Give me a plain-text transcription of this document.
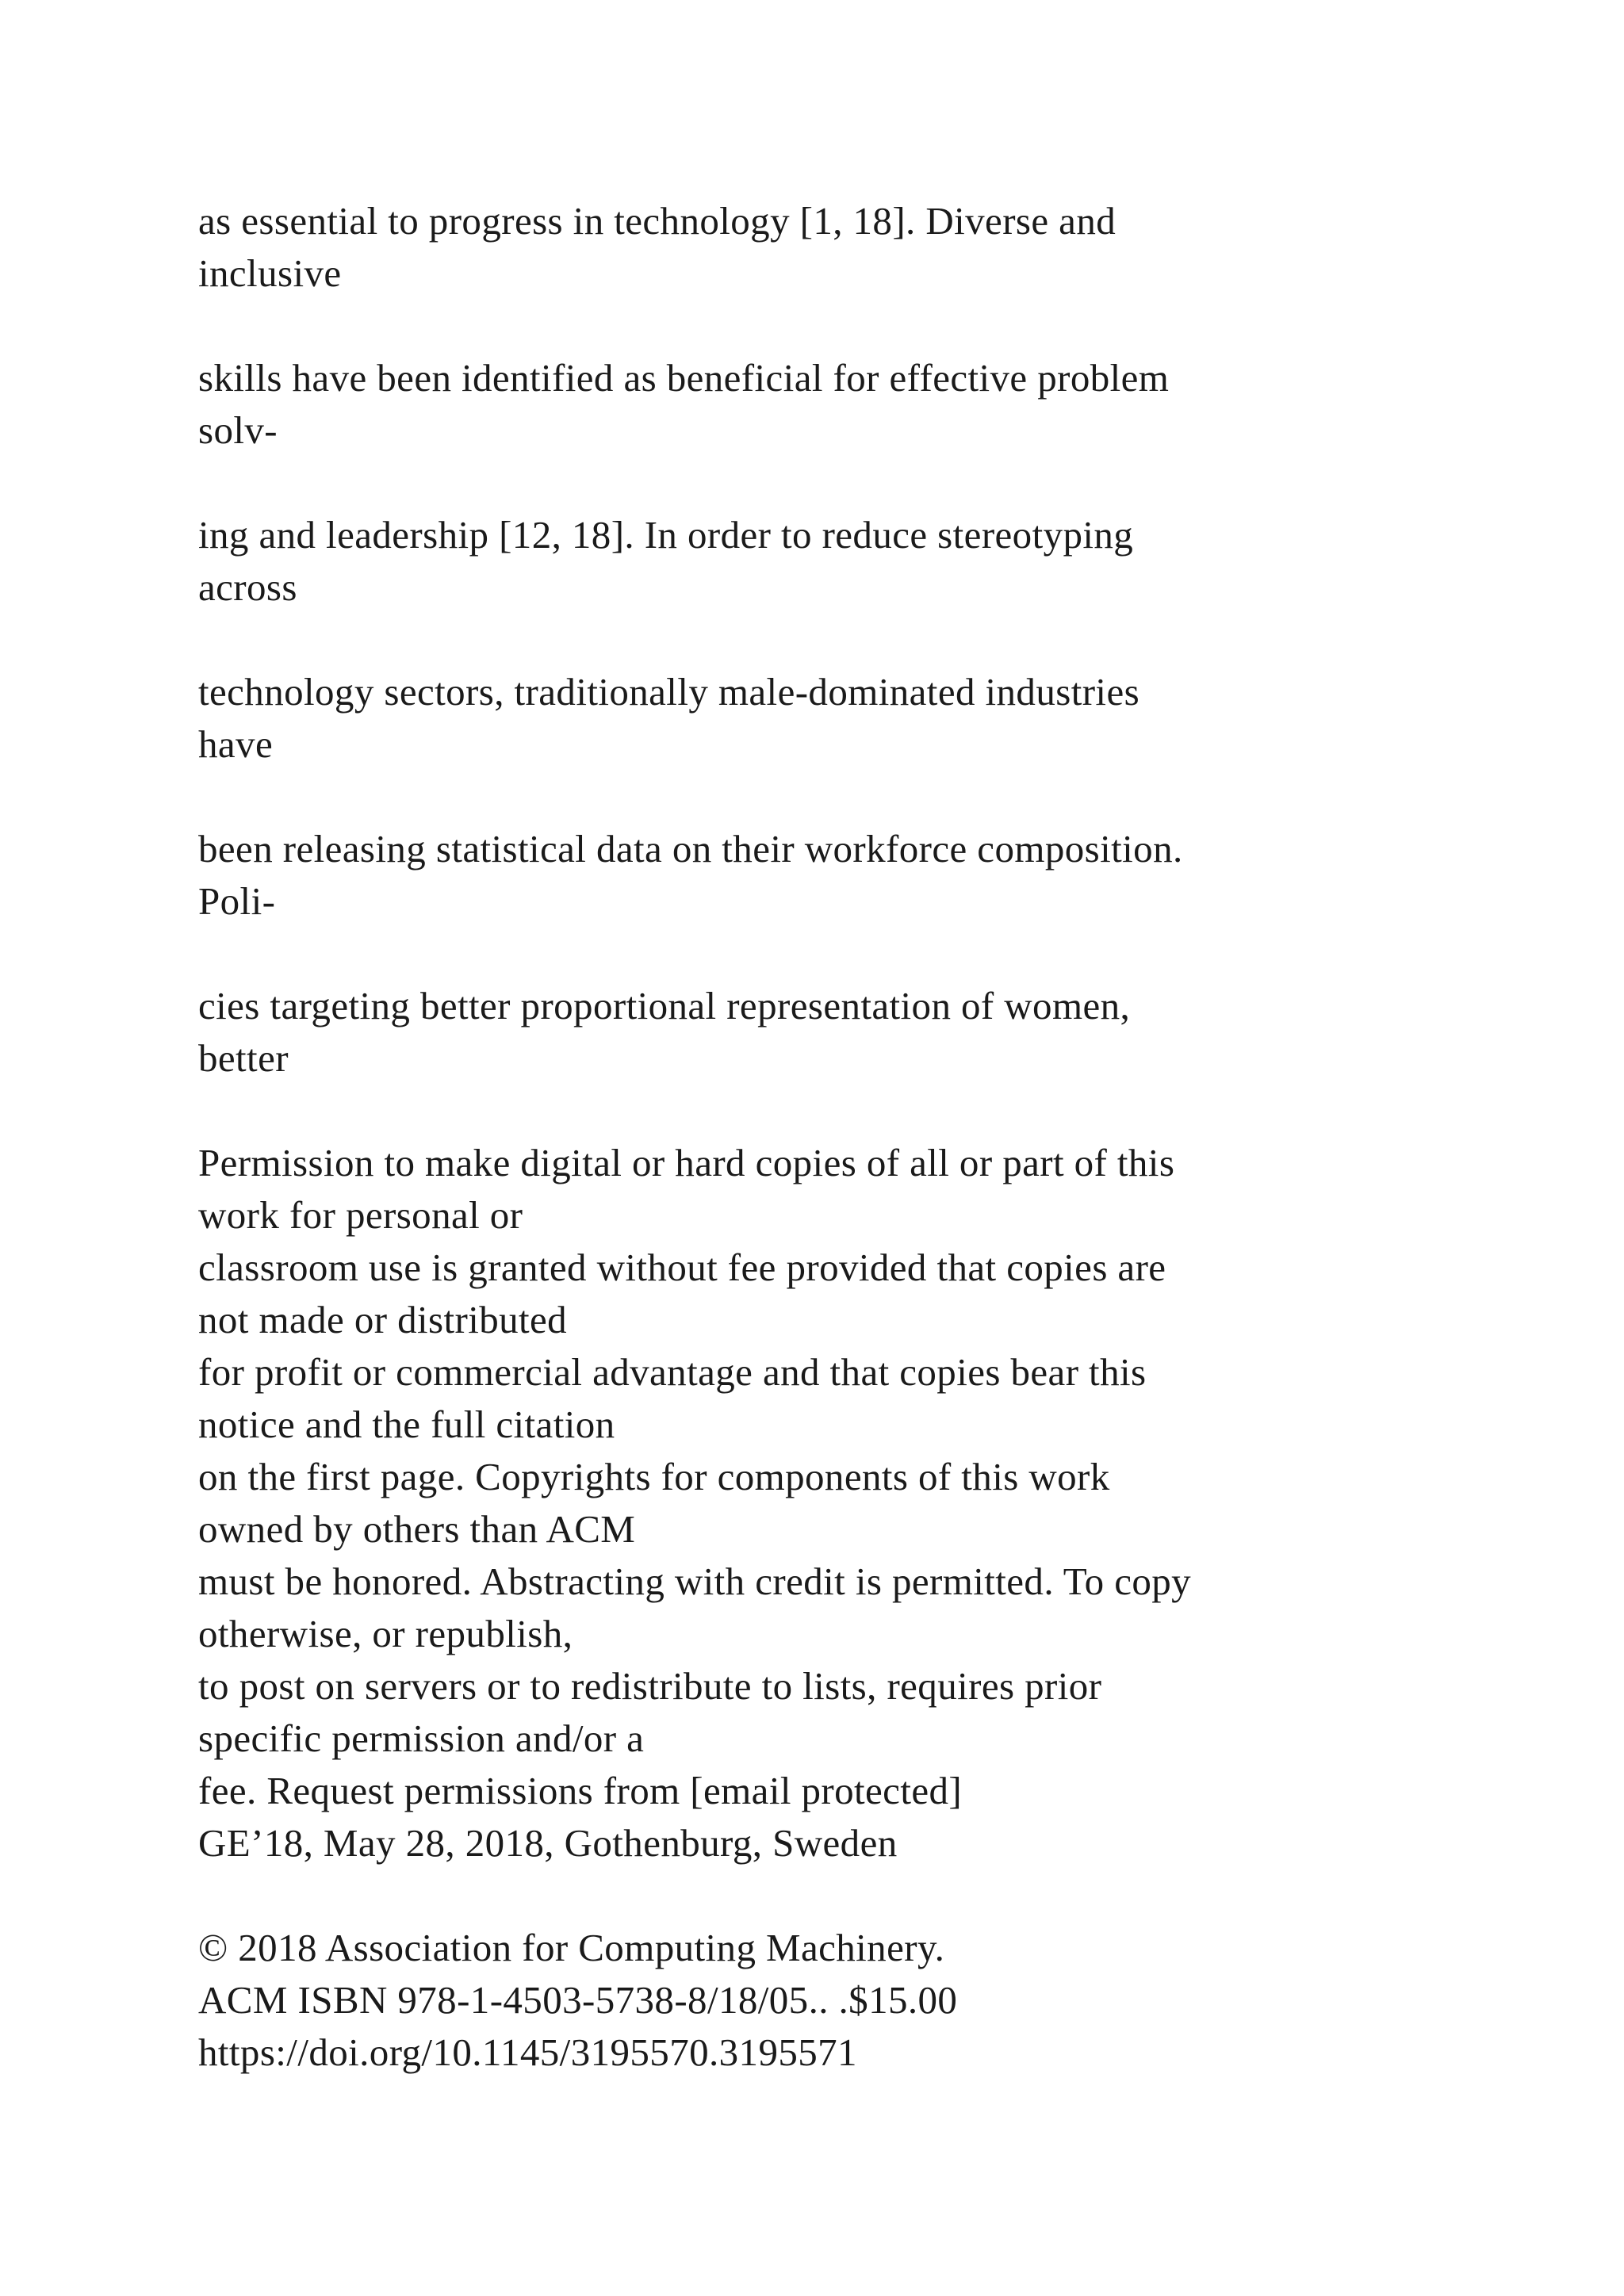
as essential to progress in technology [1, 18]. Diverse and
inclusive
skills have been identified as beneficial for effective problem
solv-
ing and leadership [12, 18]. In order to reduce stereotyping
across
technology sectors, traditionally male-dominated industries
have
been releasing statistical data on their workforce composition.
Poli-
cies targeting better proportional representation of women,
better
Permission to make digital or hard copies of all or part of this
work for personal or
classroom use is granted without fee provided that copies are
not made or distributed
for profit or commercial advantage and that copies bear this
notice and the full citation
on the first page. Copyrights for components of this work
owned by others than ACM
must be honored. Abstracting with credit is permitted. To copy
otherwise, or republish,
to post on servers or to redistribute to lists, requires prior
specific permission and/or a
fee. Request permissions from [email protected]
GE’18, May 28, 2018, Gothenburg, Sweden
© 2018 Association for Computing Machinery.
ACM ISBN 978-1-4503-5738-8/18/05.. .$15.00
https://doi.org/10.1145/3195570.3195571
